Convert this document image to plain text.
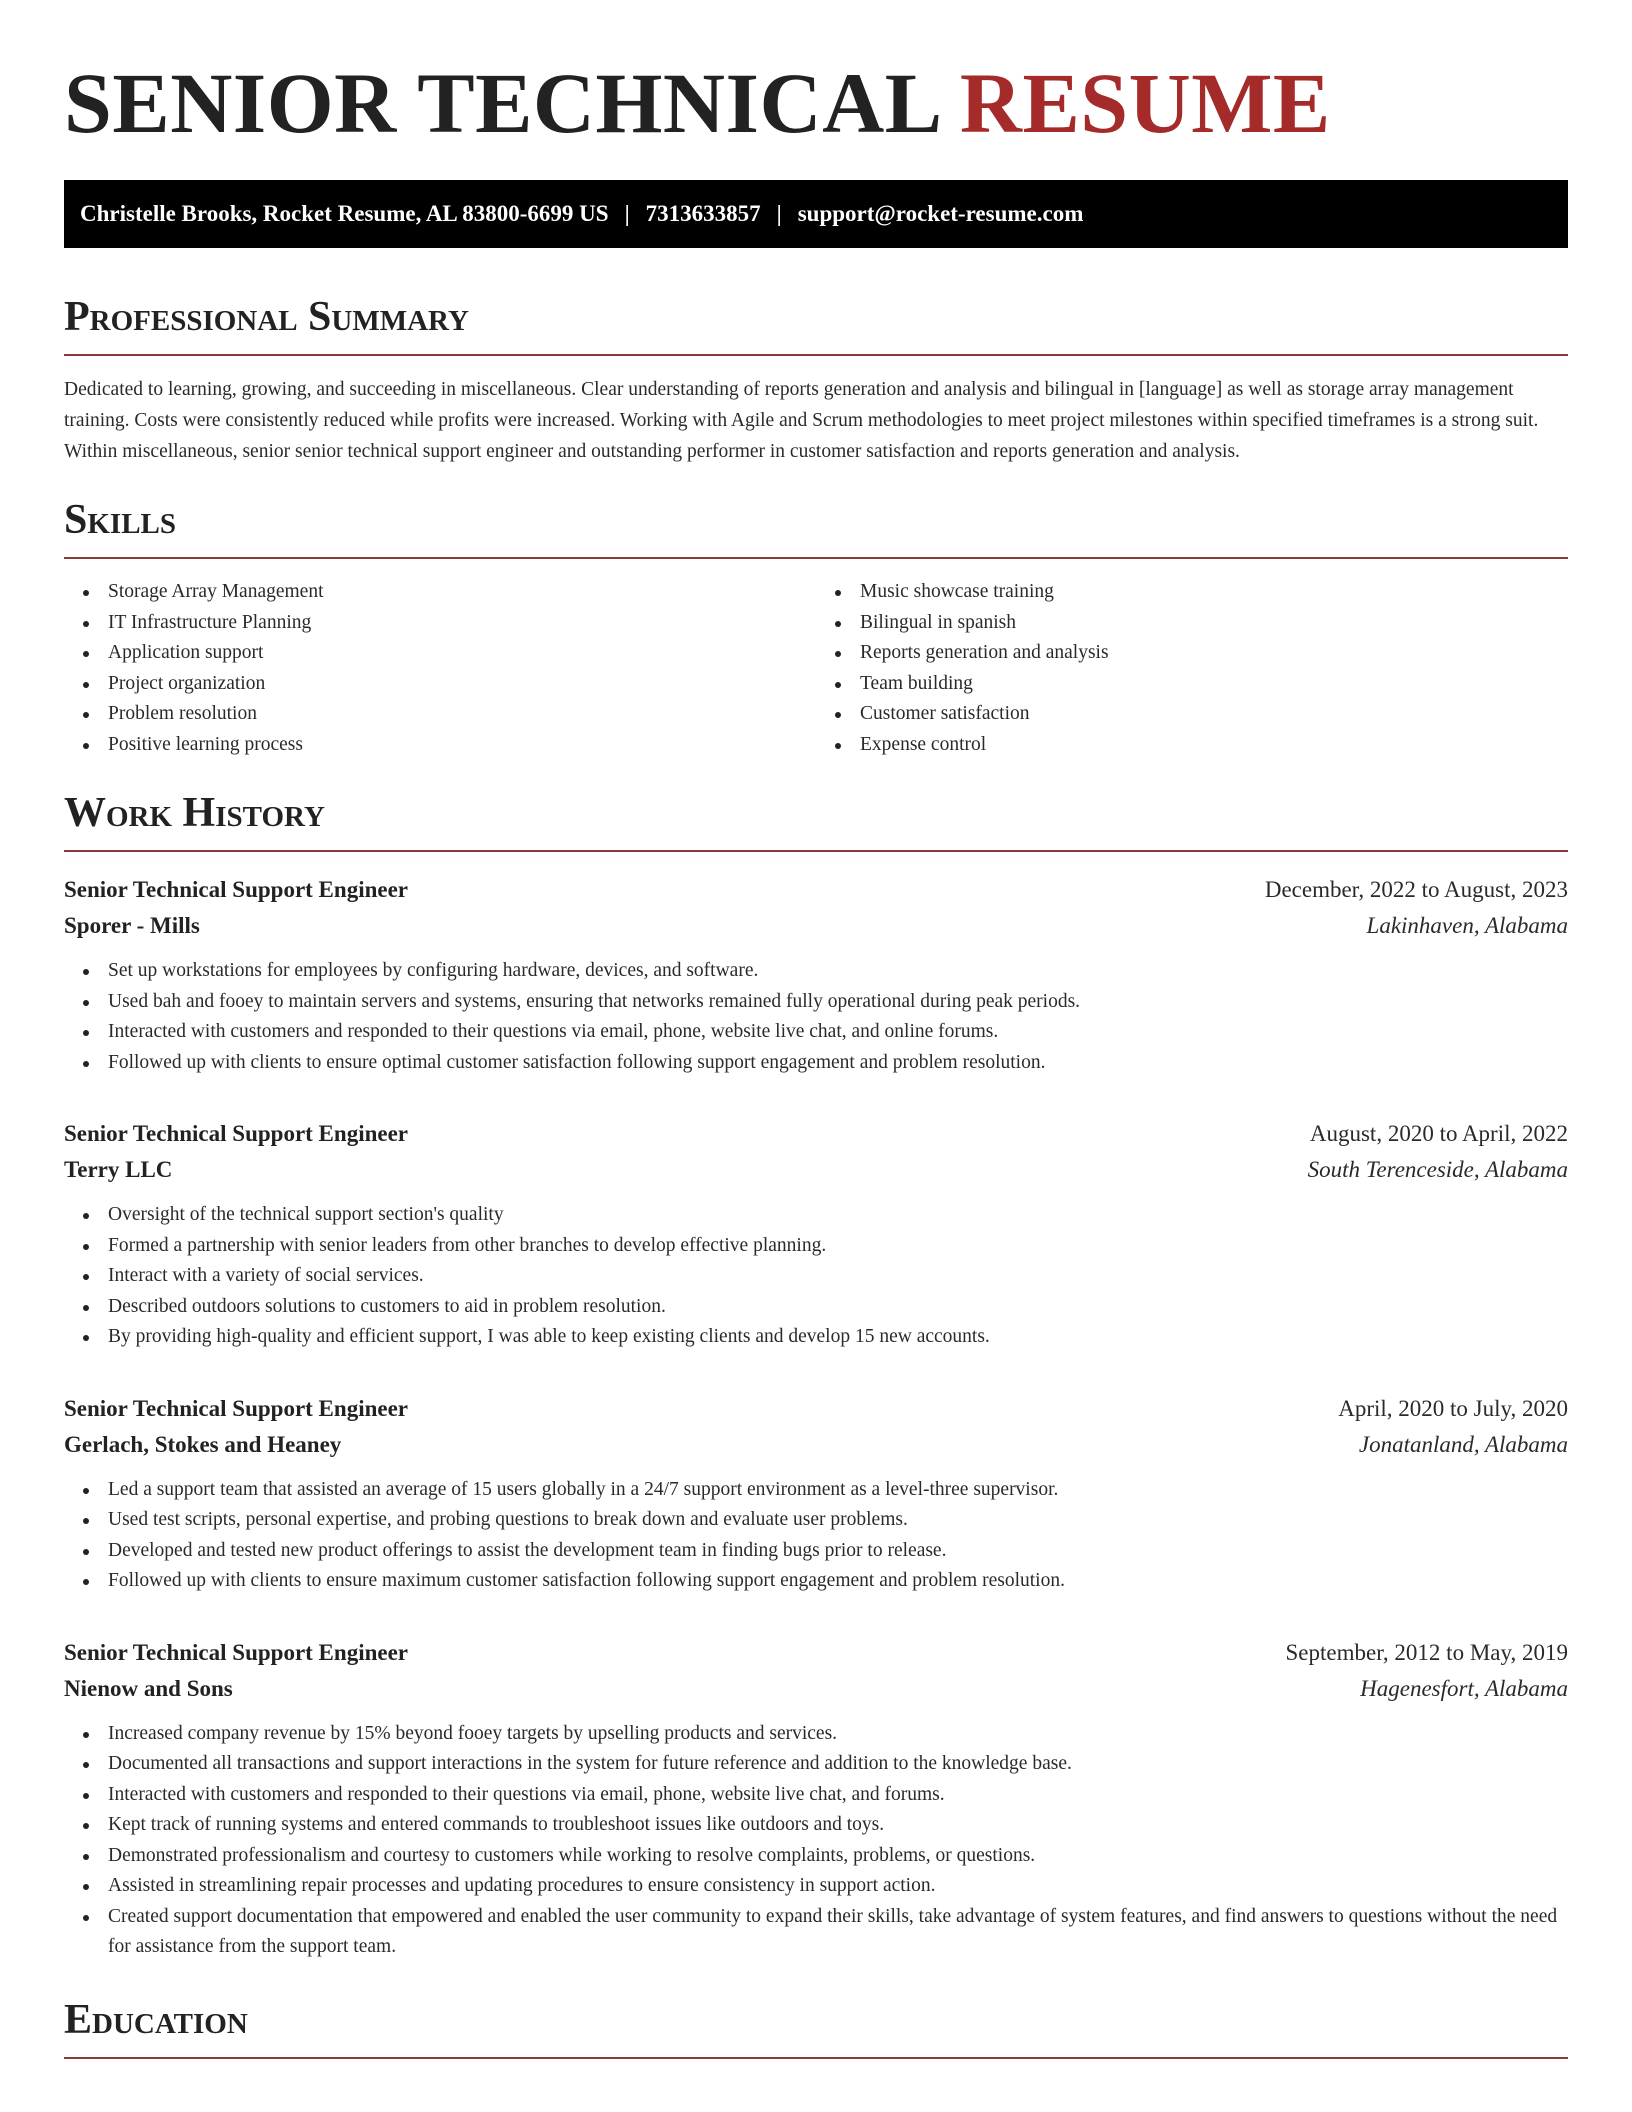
SENIOR TECHNICAL RESUME
Christelle Brooks, Rocket Resume, AL 83800-6699 US | 7313633857 | support@rocket-resume.com
Professional Summary

Dedicated to learning, growing, and succeeding in miscellaneous. Clear understanding of reports generation and analysis and bilingual in [language] as well as storage array management training. Costs were consistently reduced while profits were increased. Working with Agile and Scrum methodologies to meet project milestones within specified timeframes is a strong suit. Within miscellaneous, senior senior technical support engineer and outstanding performer in customer satisfaction and reports generation and analysis.

Skills
Storage Array Management
IT Infrastructure Planning
Application support
Project organization
Problem resolution
Positive learning process
Music showcase training
Bilingual in spanish
Reports generation and analysis
Team building
Customer satisfaction
Expense control
Work History
Senior Technical Support Engineer	December, 2022 to August, 2023
Sporer - Mills	Lakinhaven, Alabama
Set up workstations for employees by configuring hardware, devices, and software.
Used bah and fooey to maintain servers and systems, ensuring that networks remained fully operational during peak periods.
Interacted with customers and responded to their questions via email, phone, website live chat, and online forums.
Followed up with clients to ensure optimal customer satisfaction following support engagement and problem resolution.
Senior Technical Support Engineer	August, 2020 to April, 2022
Terry LLC	South Terenceside, Alabama
Oversight of the technical support section's quality
Formed a partnership with senior leaders from other branches to develop effective planning.
Interact with a variety of social services.
Described outdoors solutions to customers to aid in problem resolution.
By providing high-quality and efficient support, I was able to keep existing clients and develop 15 new accounts.
Senior Technical Support Engineer	April, 2020 to July, 2020
Gerlach, Stokes and Heaney	Jonatanland, Alabama
Led a support team that assisted an average of 15 users globally in a 24/7 support environment as a level-three supervisor.
Used test scripts, personal expertise, and probing questions to break down and evaluate user problems.
Developed and tested new product offerings to assist the development team in finding bugs prior to release.
Followed up with clients to ensure maximum customer satisfaction following support engagement and problem resolution.
Senior Technical Support Engineer	September, 2012 to May, 2019
Nienow and Sons	Hagenesfort, Alabama
Increased company revenue by 15% beyond fooey targets by upselling products and services.
Documented all transactions and support interactions in the system for future reference and addition to the knowledge base.
Interacted with customers and responded to their questions via email, phone, website live chat, and forums.
Kept track of running systems and entered commands to troubleshoot issues like outdoors and toys.
Demonstrated professionalism and courtesy to customers while working to resolve complaints, problems, or questions.
Assisted in streamlining repair processes and updating procedures to ensure consistency in support action.
Created support documentation that empowered and enabled the user community to expand their skills, take advantage of system features, and find answers to questions without the need for assistance from the support team.
Education
